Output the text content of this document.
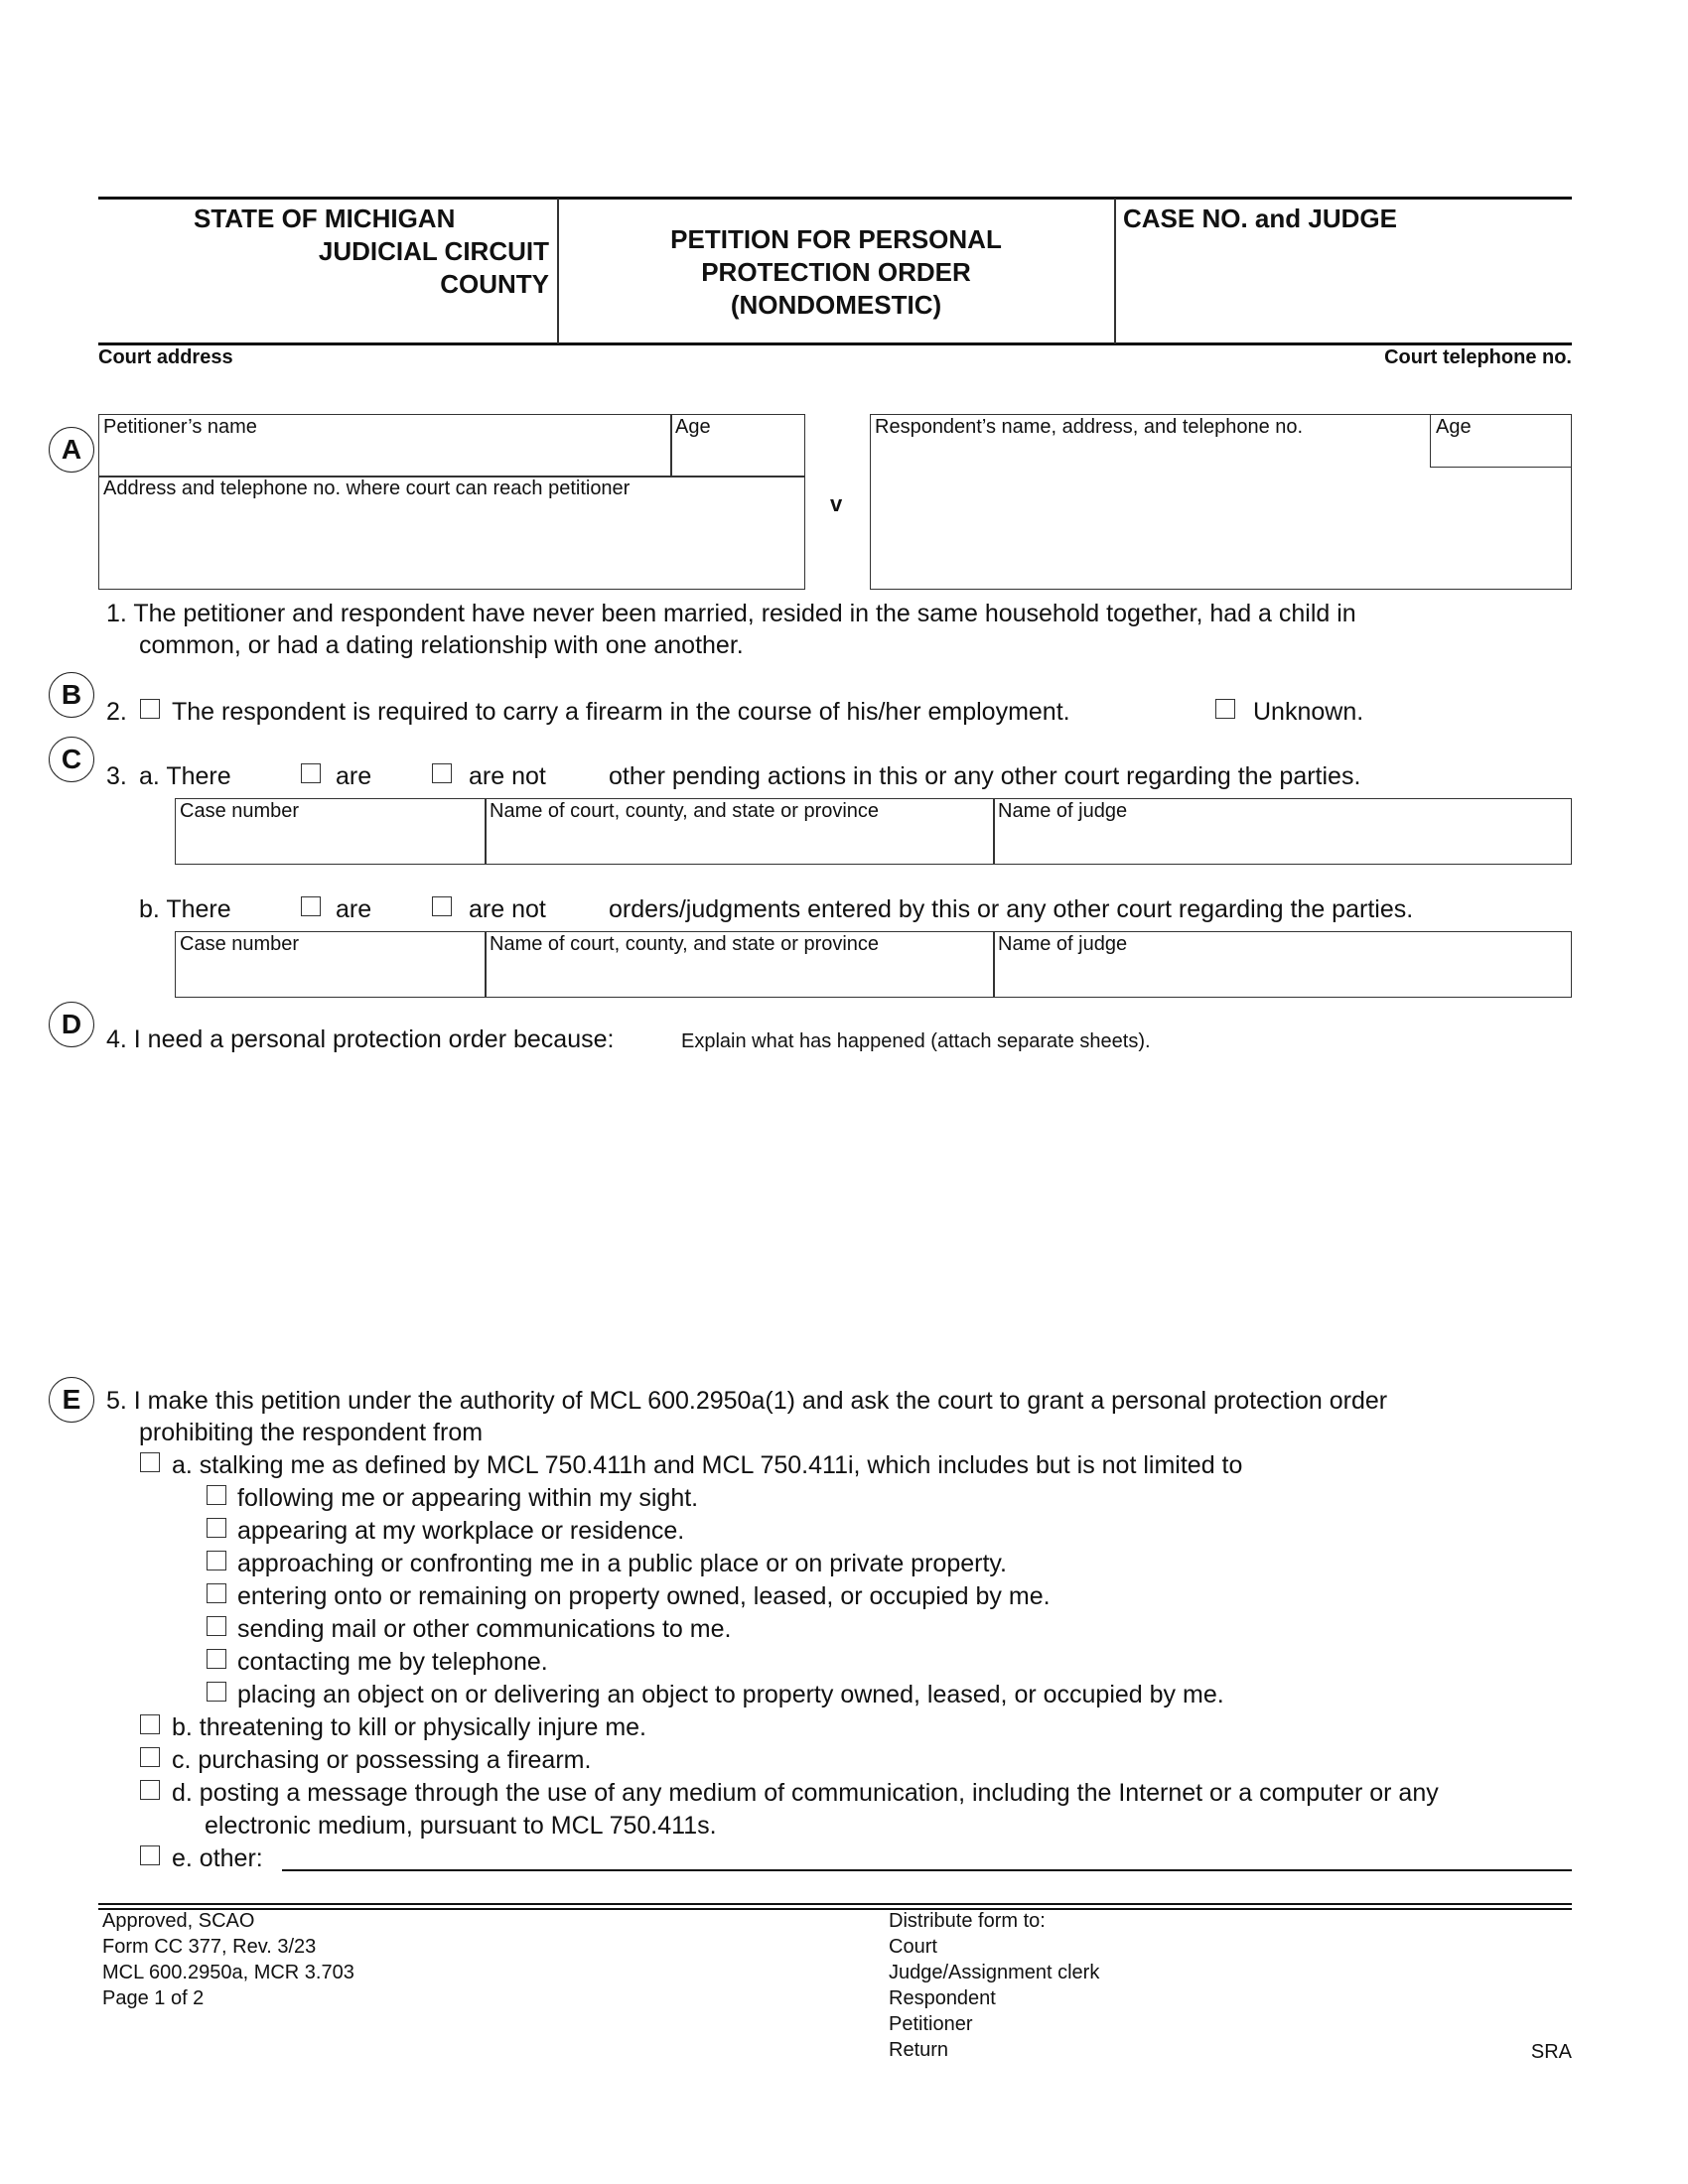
STATE OF MICHIGAN
JUDICIAL CIRCUIT
COUNTY
PETITION FOR PERSONAL
PROTECTION ORDER
(NONDOMESTIC)
CASE NO. and JUDGE
Court address	Court telephone no.
A
Petitioner’s name	Age
Address and telephone no. where court can reach petitioner
v
Respondent’s name, address, and telephone no.	Age
1. The petitioner and respondent have never been married, resided in the same household together, had a child in
common, or had a dating relationship with one another.
B
2. The respondent is required to carry a firearm in the course of his/her employment.	Unknown.
C
3. a. There	are	are not	other pending actions in this or any other court regarding the parties.
Case number	Name of court, county, and state or province	Name of judge
b. There	are	are not	orders/judgments entered by this or any other court regarding the parties.
Case number	Name of court, county, and state or province	Name of judge
D 4. I need a personal protection order because:	Explain what has happened (attach separate sheets).
E	5. I make this petition under the authority of MCL 600.2950a(1) and ask the court to grant a personal protection order
prohibiting the respondent from
a. stalking me as defined by MCL 750.411h and MCL 750.411i, which includes but is not limited to
following me or appearing within my sight.
appearing at my workplace or residence.
approaching or confronting me in a public place or on private property.
entering onto or remaining on property owned, leased, or occupied by me.
sending mail or other communications to me.
contacting me by telephone.
placing an object on or delivering an object to property owned, leased, or occupied by me.
b. threatening to kill or physically injure me.
c. purchasing or possessing a firearm.
d. posting a message through the use of any medium of communication, including the Internet or a computer or any
electronic medium, pursuant to MCL 750.411s.
e. other:
Approved, SCAO
Form CC 377, Rev. 3/23
MCL 600.2950a, MCR 3.703
Page 1 of 2
Distribute form to:
Court
Judge/Assignment clerk
Respondent
Petitioner
Return	SRA
